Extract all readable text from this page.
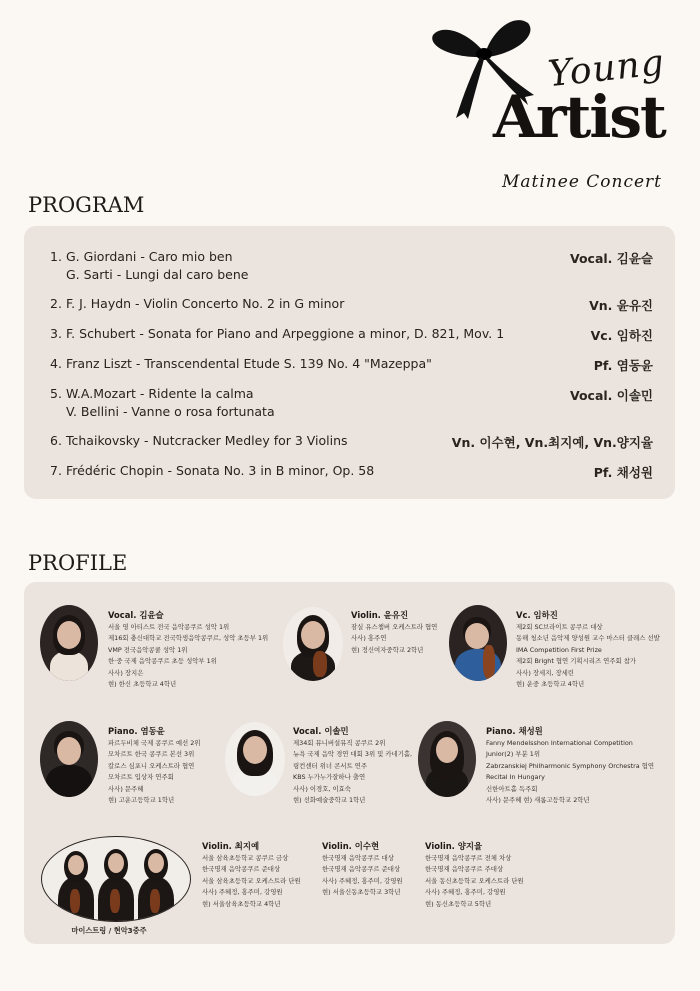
Young
Artist
Matinee Concert
PROGRAM
1. G. Giordani - Caro mio ben
G. Sarti - Lungi dal caro bene
Vocal. 김윤슬
2. F. J. Haydn - Violin Concerto No. 2 in G minor	Vn. 윤유진
3. F. Schubert - Sonata for Piano and Arpeggione a minor, D. 821, Mov. 1	Vc. 임하진
4. Franz Liszt - Transcendental Etude S. 139 No. 4 "Mazeppa"	Pf. 염동윤
5. W.A.Mozart - Ridente la calma
V. Bellini - Vanne o rosa fortunata
Vocal. 이솔민
6. Tchaikovsky - Nutcracker Medley for 3 Violins	Vn. 이수현, Vn.최지예, Vn.양지율
7. Frédéric Chopin - Sonata No. 3 in B minor, Op. 58	Pf. 채성원
PROFILE
Vocal. 김윤슬
서울 영 아티스트 전국 음악콩쿠르 성악 1위
제16회 충신대학교 전국학생음악콩쿠르, 성악 초등부 1위
VMP 전국음악콩쿨 성악 1위
한·중 국제 음악콩쿠르 초등 성악부 1위
사사) 장지은
현) 한신 초등학교 4학년
Violin. 윤유진
잠실 유스챔버 오케스트라 협연
사사) 홍주연
현) 정신여자중학교 2학년
Vc. 임하진
제2회 SC브라이트 콩쿠르 대상
동해 청소년 음악제 양성원 교수 마스터 클래스 선발
IMA Competition First Prize
제2회 Bright 협연 기획시리즈 연주회 참가
사사) 장세지, 장세린
현) 운중 초등학교 4학년
Piano. 염동윤
파르두비체 국제 콩쿠르 예선 2위
모차르트 한국 콩쿠르 본선 3위
칼로스 심포니 오케스트라 협연
모차르트 입상자 연주회
사사) 문주혜
현) 고운고등학교 1학년
Vocal. 이솔민
제34회 뮤니버설뮤직 콩쿠르 2위
뉴욕 국제 음악 경연 대회 3위 및 카네기홀,
링컨센터 위너 콘서트 연주
KBS 누가누가잘하나 출연
사사) 이경호, 이효숙
현) 선화예술중학교 1학년
Piano. 채성원
Fanny Mendelsshon International Competition
Junior(2) 부분 1위
Zabrzanskiej Philharmonic Symphony Orchestra 협연
Recital In Hungary
신한아트홀 독주회
사사) 문주혜 현) 새롬고등학교 2학년
마이스트링 / 현악3중주
Violin. 최지예
서울 삼육초등학교 콩쿠르 금상
한국명재 음악콩쿠르 준대상
서울 삼육초등학교 오케스트라 단원
사사) 주혜정, 홍주미, 강영원
현) 서울삼육초등학교 4학년
Violin. 이수현
한국명재 음악콩쿠르 대상
한국명재 음악콩쿠르 준대상
사사) 주혜정, 홍주미, 강영원
현) 서울신동초등학교 3학년
Violin. 양지율
한국명재 음악콩쿠르 전체 차상
한국명재 음악콩쿠르 주대상
서울 동신초등학교 오케스트라 단원
사사) 주혜정, 홍주미, 강영원
현) 동신초등학교 5학년
